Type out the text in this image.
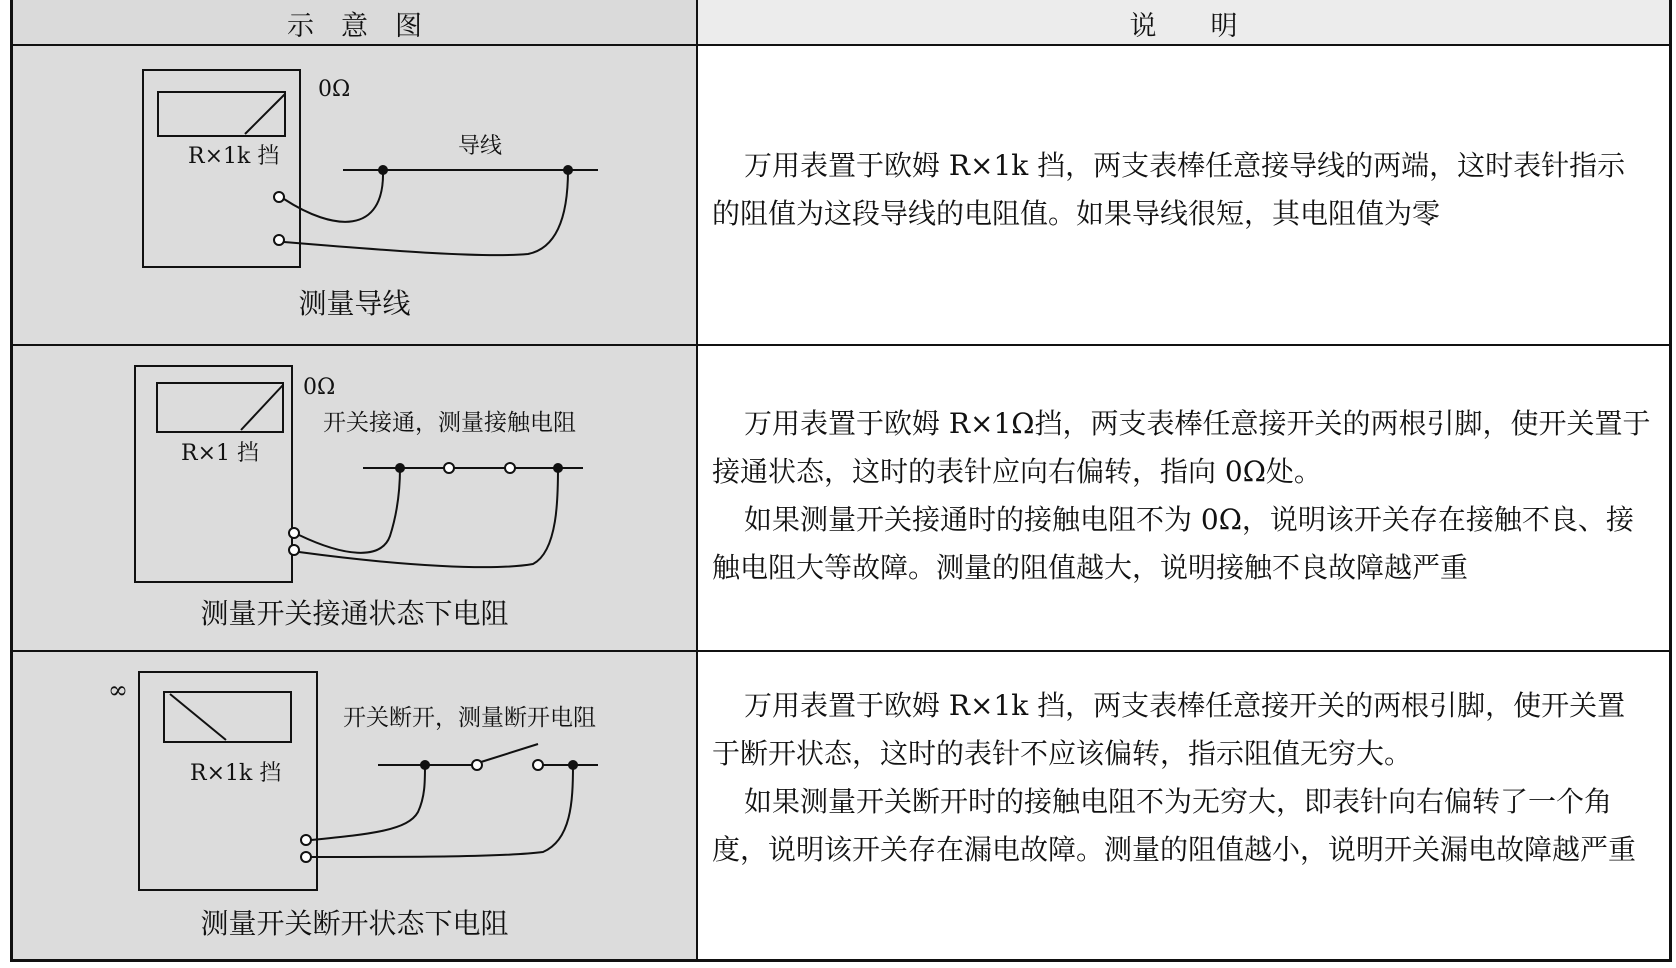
示　意　图	说　　明
R×1k 挡
0Ω
导线
测量导线

万用表置于欧姆 R×1k 挡，两支表棒任意接导线的两端，这时表针指示的阻值为这段导线的电阻值。如果导线很短，其电阻值为零

R×1 挡
0Ω
开关接通，测量接触电阻
测量开关接通状态下电阻

万用表置于欧姆 R×1Ω挡，两支表棒任意接开关的两根引脚，使开关置于接通状态，这时的表针应向右偏转，指向 0Ω处。

如果测量开关接通时的接触电阻不为 0Ω，说明该开关存在接触不良、接触电阻大等故障。测量的阻值越大，说明接触不良故障越严重

∞
R×1k 挡
开关断开，测量断开电阻
测量开关断开状态下电阻

万用表置于欧姆 R×1k 挡，两支表棒任意接开关的两根引脚，使开关置于断开状态，这时的表针不应该偏转，指示阻值无穷大。

如果测量开关断开时的接触电阻不为无穷大，即表针向右偏转了一个角度，说明该开关存在漏电故障。测量的阻值越小，说明开关漏电故障越严重
